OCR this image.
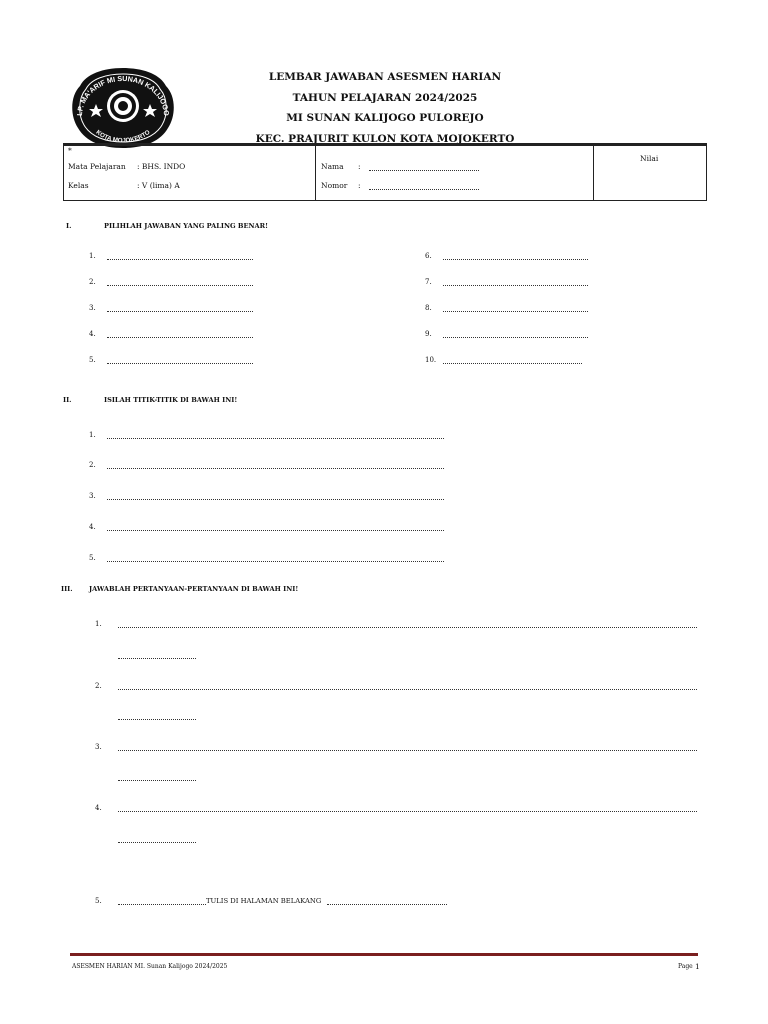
LP. MA'ARIF MI SUNAN KALIJOGO
KOTA MOJOKERTO
LEMBAR JAWABAN ASESMEN HARIAN
TAHUN PELAJARAN 2024/2025
MI SUNAN KALIJOGO PULOREJO
KEC. PRAJURIT KULON KOTA MOJOKERTO
*
Mata Pelajaran : BHS. INDO
Kelas	: V (lima) A
Nama :
Nomor :
Nilai
I.	PILIHLAH JAWABAN YANG PALING BENAR!
1.
2.
3.
4.
5.
6.
7.
8.
9.
10.
II.	ISILAH TITIK-TITIK DI BAWAH INI!
1.
2.
3.
4.
5.
III. JAWABLAH PERTANYAAN-PERTANYAAN DI BAWAH INI!
1.
2.
3.
4.
5.	TULIS DI HALAMAN BELAKANG
ASESMEN HARIAN MI. Sunan Kalijogo 2024/2025	Page 1
